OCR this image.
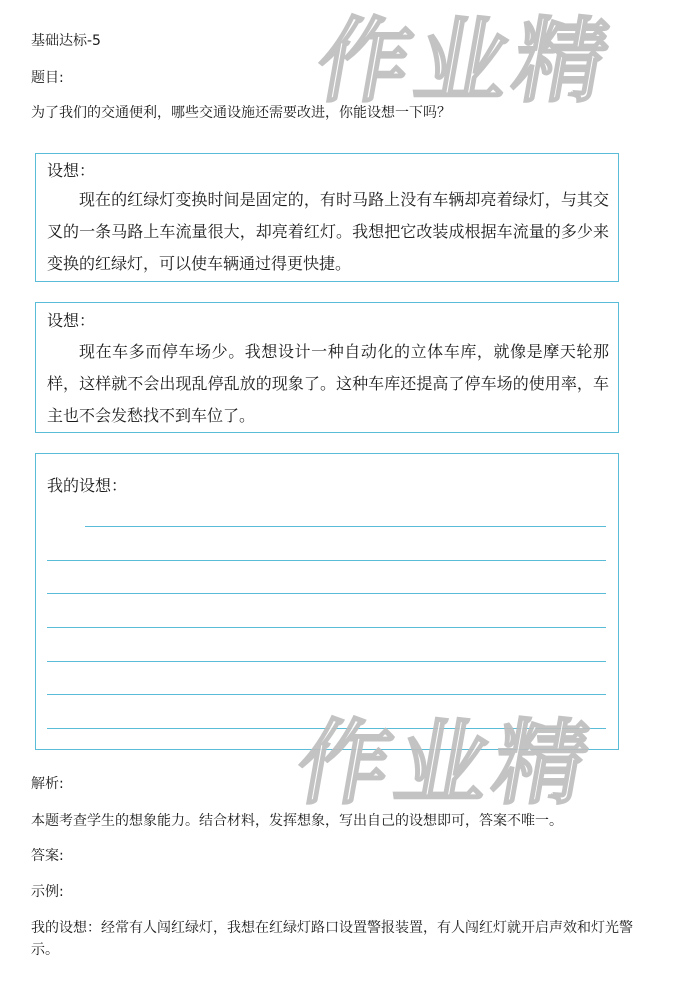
基础达标-5
题目:
为了我们的交通便利，哪些交通设施还需要改进，你能设想一下吗？
设想：
现在的红绿灯变换时间是固定的，有时马路上没有车辆却亮着绿灯，与其交叉的一条马路上车流量很大，却亮着红灯。我想把它改装成根据车流量的多少来变换的红绿灯，可以使车辆通过得更快捷。
设想：
现在车多而停车场少。我想设计一种自动化的立体车库，就像是摩天轮那样，这样就不会出现乱停乱放的现象了。这种车库还提高了停车场的使用率，车主也不会发愁找不到车位了。
我的设想：
解析:
本题考查学生的想象能力。结合材料，发挥想象，写出自己的设想即可，答案不唯一。
答案:
示例:
我的设想：经常有人闯红绿灯，我想在红绿灯路口设置警报装置，有人闯红灯就开启声效和灯光警示。
作业精
作业精
